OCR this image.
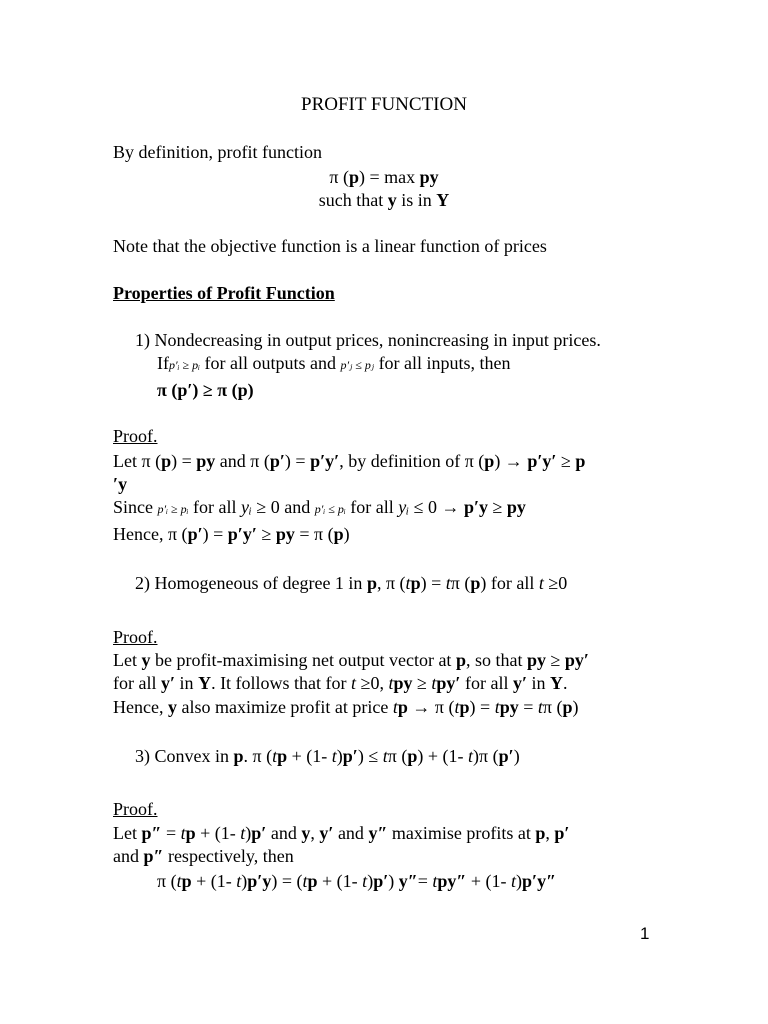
PROFIT FUNCTION
By definition, profit function
π (p) = max py
such that y is in Y
Note that the objective function is a linear function of prices
Properties of Profit Function
1) Nondecreasing in output prices, nonincreasing in input prices.
Ifp′ᵢ ≥ pᵢ for all outputs and p′ⱼ ≤ pⱼ for all inputs, then
π (p′) ≥ π (p)
Proof.
Let π (p) = py and π (p′) = p′y′, by definition of π (p) → p′y′ ≥ p
′y
Since p′ᵢ ≥ pᵢ for all yᵢ ≥ 0 and p′ᵢ ≤ pᵢ for all yᵢ ≤ 0 → p′y ≥ py
Hence, π (p′) = p′y′ ≥ py = π (p)
2) Homogeneous of degree 1 in p, π (tp) = tπ (p) for all t ≥0
Proof.
Let y be profit-maximising net output vector at p, so that py ≥ py′
for all y′ in Y. It follows that for t ≥0, tpy ≥ tpy′ for all y′ in Y.
Hence, y also maximize profit at price tp → π (tp) = tpy = tπ (p)
3) Convex in p. π (tp + (1- t)p′) ≤ tπ (p) + (1- t)π (p′)
Proof.
Let p″ = tp + (1- t)p′ and y, y′ and y″ maximise profits at p, p′
and p″ respectively, then
π (tp + (1- t)p′y) = (tp + (1- t)p′) y″= tpy″ + (1- t)p′y″
1
